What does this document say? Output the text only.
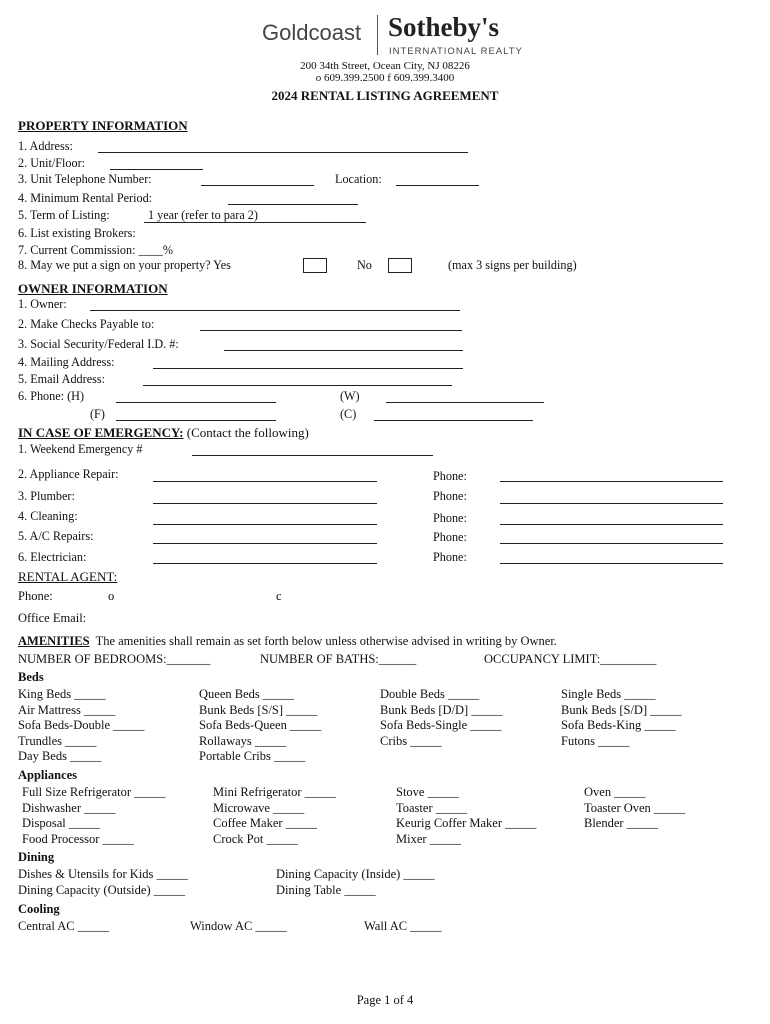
Goldcoast Sotheby's
INTERNATIONAL REALTY
200 34th Street, Ocean City, NJ 08226
o 609.399.2500 f 609.399.3400
2024 RENTAL LISTING AGREEMENT
PROPERTY INFORMATION
1. Address:
2. Unit/Floor:
3. Unit Telephone Number:	Location:
4. Minimum Rental Period:
5. Term of Listing:	1 year (refer to para 2)
6. List existing Brokers:
7. Current Commission: ____%
8. May we put a sign on your property? Yes	No	(max 3 signs per building)
OWNER INFORMATION
1. Owner:
2. Make Checks Payable to:
3. Social Security/Federal I.D. #:
4. Mailing Address:
5. Email Address:
6. Phone: (H)	(W)
(F)	(C)
IN CASE OF EMERGENCY: (Contact the following)
1. Weekend Emergency #
2. Appliance Repair:	Phone:
3. Plumber:	Phone:
4. Cleaning:	Phone:
5. A/C Repairs:	Phone:
6. Electrician:	Phone:
RENTAL AGENT:
Phone:	o	c
Office Email:
AMENITIES The amenities shall remain as set forth below unless otherwise advised in writing by Owner.
NUMBER OF BEDROOMS:_______	NUMBER OF BATHS:______	OCCUPANCY LIMIT:_________
Beds
King Beds _____	Queen Beds _____	Double Beds _____	Single Beds _____
Air Mattress _____	Bunk Beds [S/S] _____	Bunk Beds [D/D] _____	Bunk Beds [S/D] _____
Sofa Beds-Double _____	Sofa Beds-Queen _____	Sofa Beds-Single _____	Sofa Beds-King _____
Trundles _____	Rollaways _____	Cribs _____	Futons _____
Day Beds _____	Portable Cribs _____
Appliances
Full Size Refrigerator _____	Mini Refrigerator _____	Stove _____	Oven _____
Dishwasher _____	Microwave _____	Toaster _____	Toaster Oven _____
Disposal _____	Coffee Maker _____	Keurig Coffer Maker _____	Blender _____
Food Processor _____	Crock Pot _____	Mixer _____
Dining
Dishes & Utensils for Kids _____	Dining Capacity (Inside) _____
Dining Capacity (Outside) _____	Dining Table _____
Cooling
Central AC _____	Window AC _____	Wall AC _____
Page 1 of 4
